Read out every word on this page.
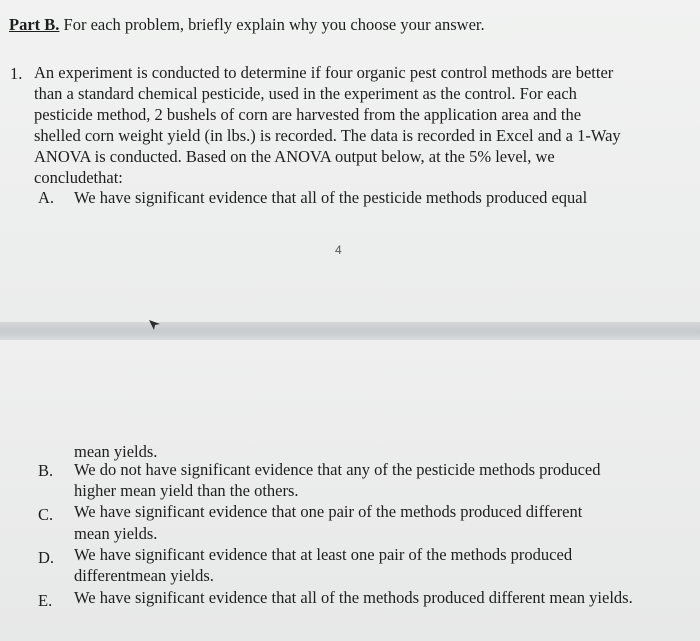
Part B. For each problem, briefly explain why you choose your answer.
1. An experiment is conducted to determine if four organic pest control methods are better
than a standard chemical pesticide, used in the experiment as the control. For each
pesticide method, 2 bushels of corn are harvested from the application area and the
shelled corn weight yield (in lbs.) is recorded. The data is recorded in Excel and a 1-Way
ANOVA is conducted. Based on the ANOVA output below, at the 5% level, we
concludethat:
A. We have significant evidence that all of the pesticide methods produced equal
4
mean yields.
B. We do not have significant evidence that any of the pesticide methods produced
higher mean yield than the others.
C. We have significant evidence that one pair of the methods produced different
mean yields.
D. We have significant evidence that at least one pair of the methods produced
differentmean yields.
E. We have significant evidence that all of the methods produced different mean yields.
